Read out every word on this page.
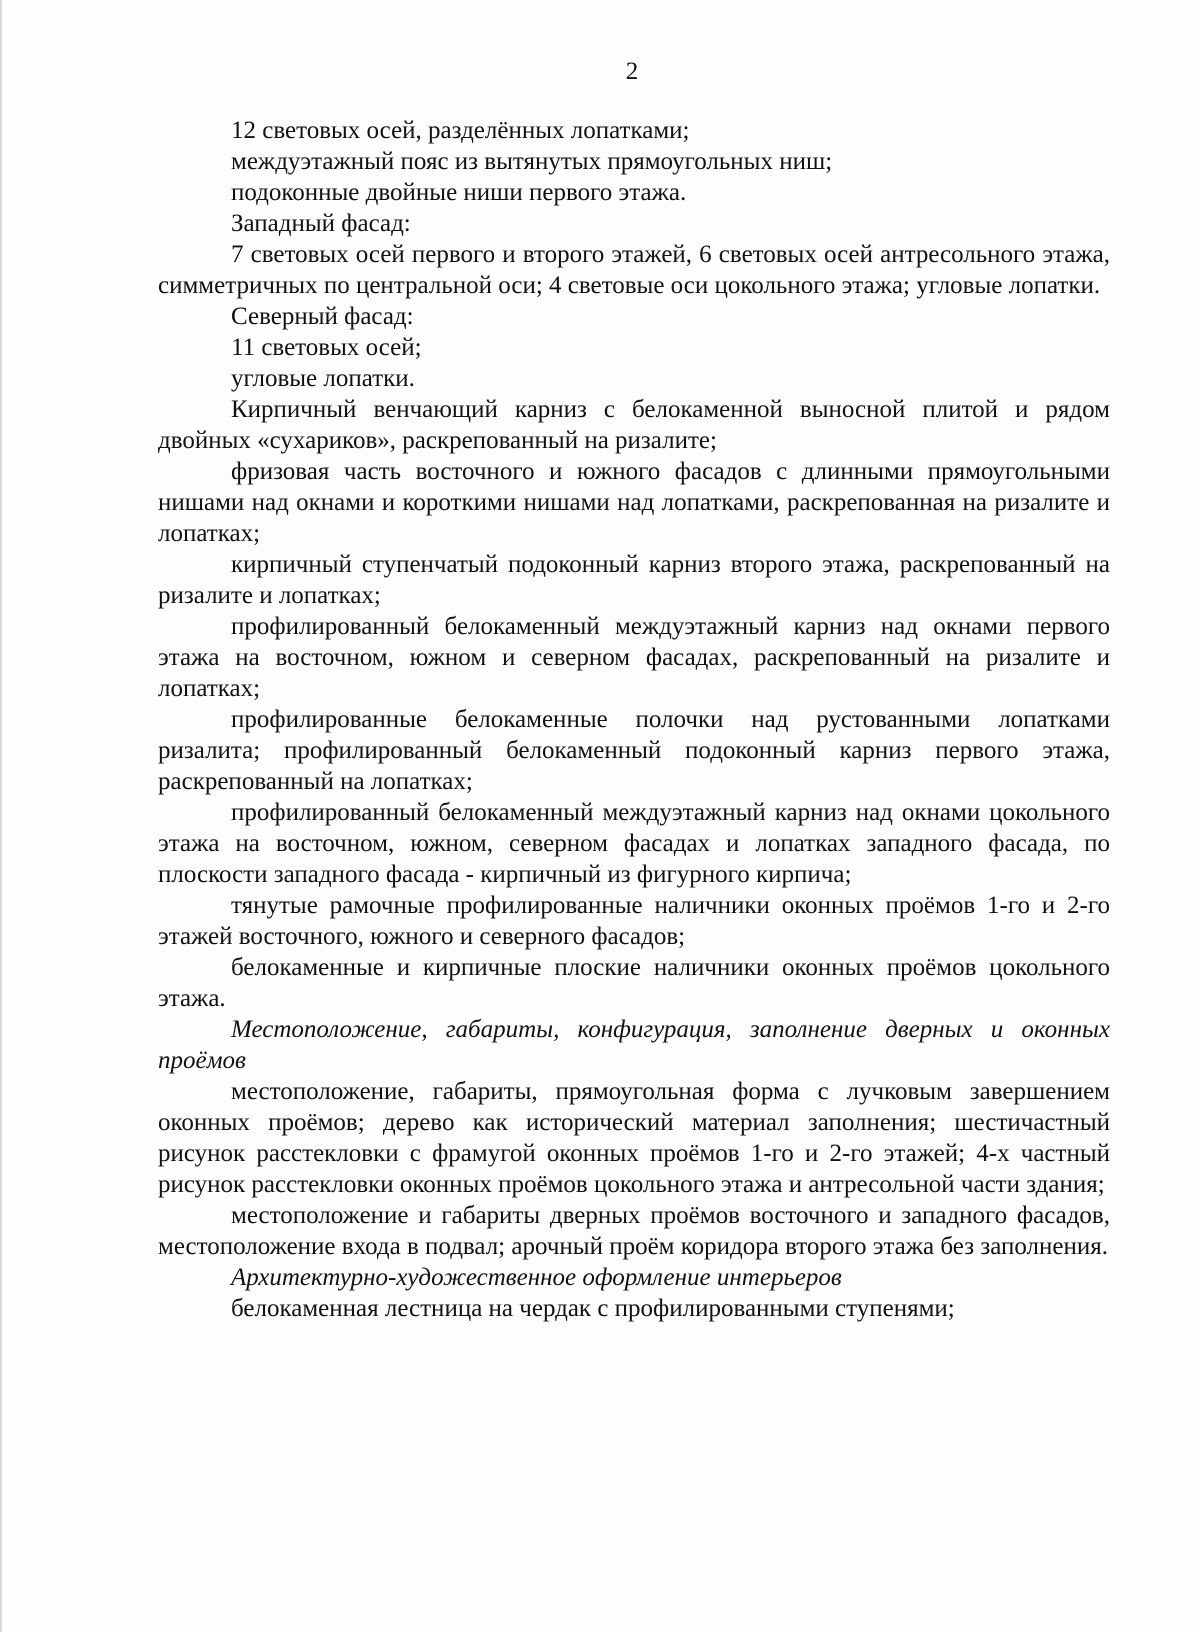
2

12 световых осей, разделённых лопатками;

междуэтажный пояс из вытянутых прямоугольных ниш;

подоконные двойные ниши первого этажа.

Западный фасад:

7 световых осей первого и второго этажей, 6 световых осей антресольного этажа, симметричных по центральной оси; 4 световые оси цокольного этажа; угловые лопатки.

Северный фасад:

11 световых осей;

угловые лопатки.

Кирпичный венчающий карниз с белокаменной выносной плитой и рядом двойных «сухариков», раскрепованный на ризалите;

фризовая часть восточного и южного фасадов с длинными прямоугольными нишами над окнами и короткими нишами над лопатками, раскрепованная на ризалите и лопатках;

кирпичный ступенчатый подоконный карниз второго этажа, раскрепованный на ризалите и лопатках;

профилированный белокаменный междуэтажный карниз над окнами первого этажа на восточном, южном и северном фасадах, раскрепованный на ризалите и лопатках;

профилированные белокаменные полочки над рустованными лопатками ризалита; профилированный белокаменный подоконный карниз первого этажа, раскрепованный на лопатках;

профилированный белокаменный междуэтажный карниз над окнами цокольного этажа на восточном, южном, северном фасадах и лопатках западного фасада, по плоскости западного фасада - кирпичный из фигурного кирпича;

тянутые рамочные профилированные наличники оконных проёмов 1-го и 2-го этажей восточного, южного и северного фасадов;

белокаменные и кирпичные плоские наличники оконных проёмов цокольного этажа.

Местоположение, габариты, конфигурация, заполнение дверных и оконных проёмов

местоположение, габариты, прямоугольная форма с лучковым завершением оконных проёмов; дерево как исторический материал заполнения; шестичастный рисунок расстекловки с фрамугой оконных проёмов 1-го и 2-го этажей; 4-х частный рисунок расстекловки оконных проёмов цокольного этажа и антресольной части здания;

местоположение и габариты дверных проёмов восточного и западного фасадов, местоположение входа в подвал; арочный проём коридора второго этажа без заполнения.

Архитектурно-художественное оформление интерьеров

белокаменная лестница на чердак с профилированными ступенями;
